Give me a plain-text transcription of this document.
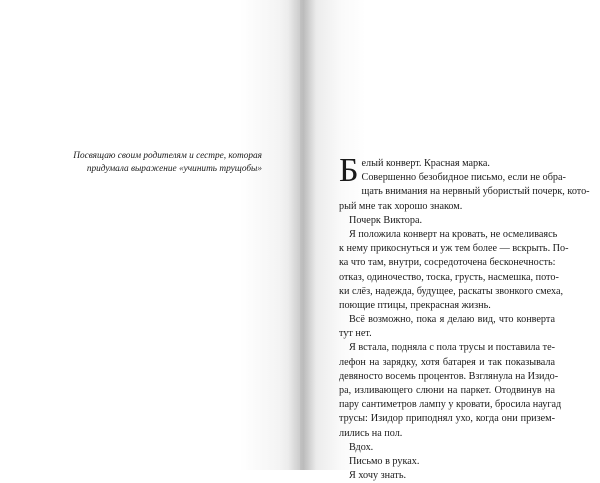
Посвящаю своим родителям и сестре, которая
придумала выражение «учинить трущобы» Б елый конверт. Красная марка.
Совершенно безобидное письмо, если не обра-
щать внимания на нервный убористый почерк, кото-
рый мне так хорошо знаком.
Почерк Виктора.
Я положила конверт на кровать, не осмеливаясь
к нему прикоснуться и уж тем более — вскрыть. По-
ка что там, внутри, сосредоточена бесконечность:
отказ, одиночество, тоска, грусть, насмешка, пото-
ки слёз, надежда, будущее, раскаты звонкого смеха,
поющие птицы, прекрасная жизнь.
Всё возможно, пока я делаю вид, что конверта
тут нет.
Я встала, подняла с пола трусы и поставила те-
лефон на зарядку, хотя батарея и так показывала
девяносто восемь процентов. Взглянула на Изидо-
ра, изливающего слюни на паркет. Отодвинув на
пару сантиметров лампу у кровати, бросила наугад
трусы: Изидор приподнял ухо, когда они призем-
лились на пол.
Вдох.
Письмо в руках.
Я хочу знать.
